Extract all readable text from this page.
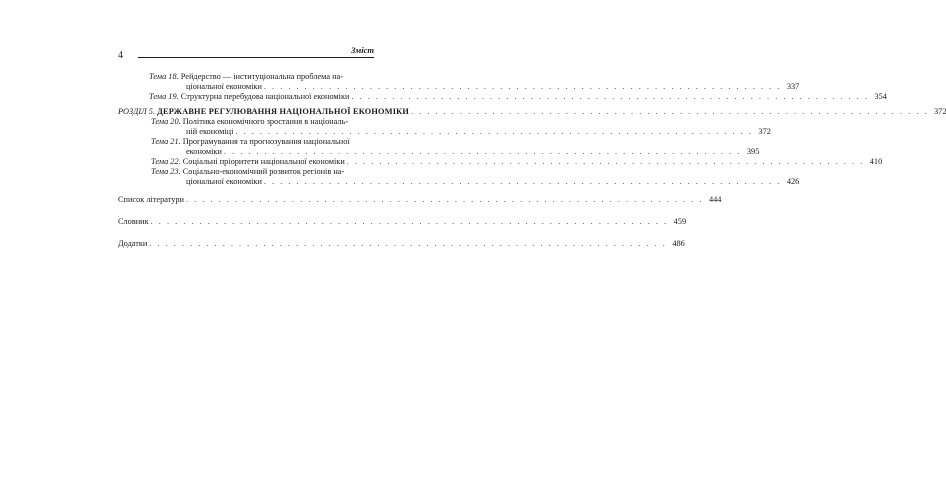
4	Зміст
Тема 18. Рейдерство — інституціональна проблема на-
ціональної економіки . . .	337
Тема 19. Структурна перебудова національної економіки . . .	354
РОЗДІЛ 5. ДЕРЖАВНЕ РЕГУЛЮВАННЯ НАЦІОНАЛЬНОЇ ЕКОНОМІКИ . . .	372
Тема 20. Політика економічного зростання в національ-
ній економіці . . .	372
Тема 21. Програмування та прогнозування національної
економіки . . .	395
Тема 22. Соціальні пріоритети національної економіки . . .	410
Тема 23. Соціально-економічний розвиток регіонів на-
ціональної економіки . . .	426
Список літератури . . .	444
Словник . . .	459
Додатки . . .	486
